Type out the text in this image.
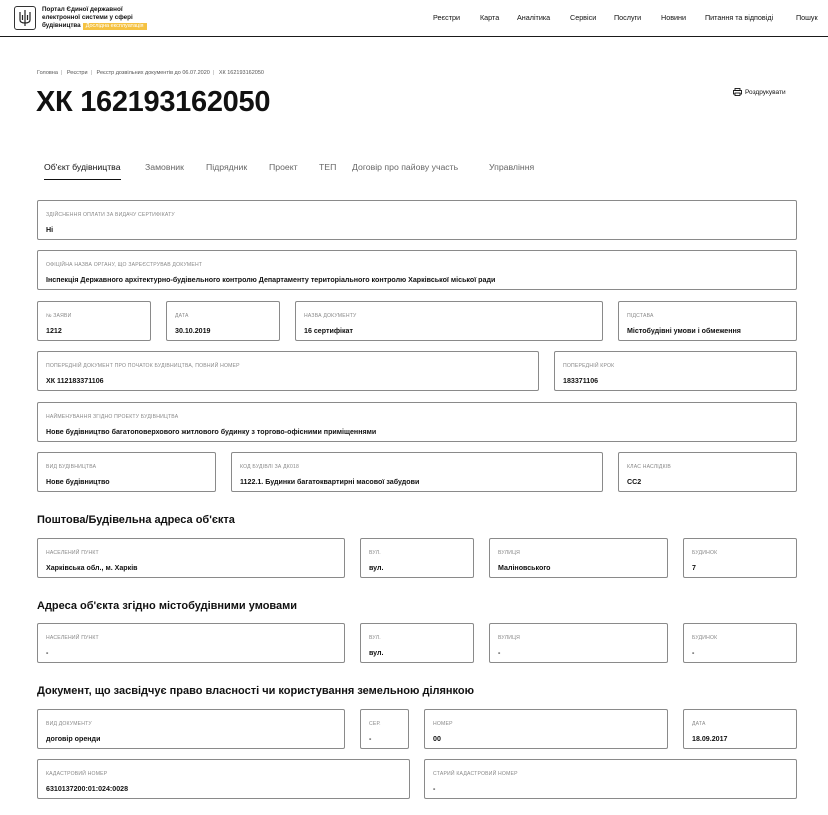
Портал Єдиної державної
електронної системи у сфері
будівництва Дослідна експлуатація
Реєстри	Карта Аналітика	Сервіси Послуги	Новини	Питання та відповіді	Пошук
Головна | Реєстри | Реєстр дозвільних документів до 06.07.2020 | ХК 162193162050
ХК 162193162050	Роздрукувати
Об'єкт будівництва	Замовник	Підрядник	Проект ТЕП Договір про пайову участь	Управління
ЗДІЙСНЕННЯ ОПЛАТИ ЗА ВИДАЧУ СЕРТИФІКАТУ
Ні
ОФІЦІЙНА НАЗВА ОРГАНУ, ЩО ЗАРЕЄСТРУВАВ ДОКУМЕНТ
Інспекція Державного архітектурно-будівельного контролю Департаменту територіального контролю Харківської міської ради
№ ЗАЯВИ
1212
ДАТА
30.10.2019
НАЗВА ДОКУМЕНТУ
16 сертифікат
ПІДСТАВА
Містобудівні умови і обмеження
ПОПЕРЕДНІЙ ДОКУМЕНТ ПРО ПОЧАТОК БУДІВНИЦТВА, ПОВНИЙ НОМЕР
ХК 112183371106
ПОПЕРЕДНІЙ КРОК
183371106
НАЙМЕНУВАННЯ ЗГІДНО ПРОЕКТУ БУДІВНИЦТВА
Нове будівництво багатоповерхового житлового будинку з торгово-офісними приміщеннями
ВИД БУДІВНИЦТВА
Нове будівництво
КОД БУДІВЛІ ЗА ДК018
1122.1. Будинки багатоквартирні масової забудови
КЛАС НАСЛІДКІВ
СС2
Поштова/Будівельна адреса об'єкта
НАСЕЛЕНИЙ ПУНКТ
Харківська обл., м. Харків
ВУЛ.
вул.
ВУЛИЦЯ
Маліновського
БУДИНОК
7
Адреса об'єкта згідно містобудівними умовами
НАСЕЛЕНИЙ ПУНКТ
-
ВУЛ.
вул.
ВУЛИЦЯ
-
БУДИНОК
-
Документ, що засвідчує право власності чи користування земельною ділянкою
ВИД ДОКУМЕНТУ
договір оренди
СЕР.
-
НОМЕР
00
ДАТА
18.09.2017
КАДАСТРОВИЙ НОМЕР
6310137200:01:024:0028
СТАРИЙ КАДАСТРОВИЙ НОМЕР
-
